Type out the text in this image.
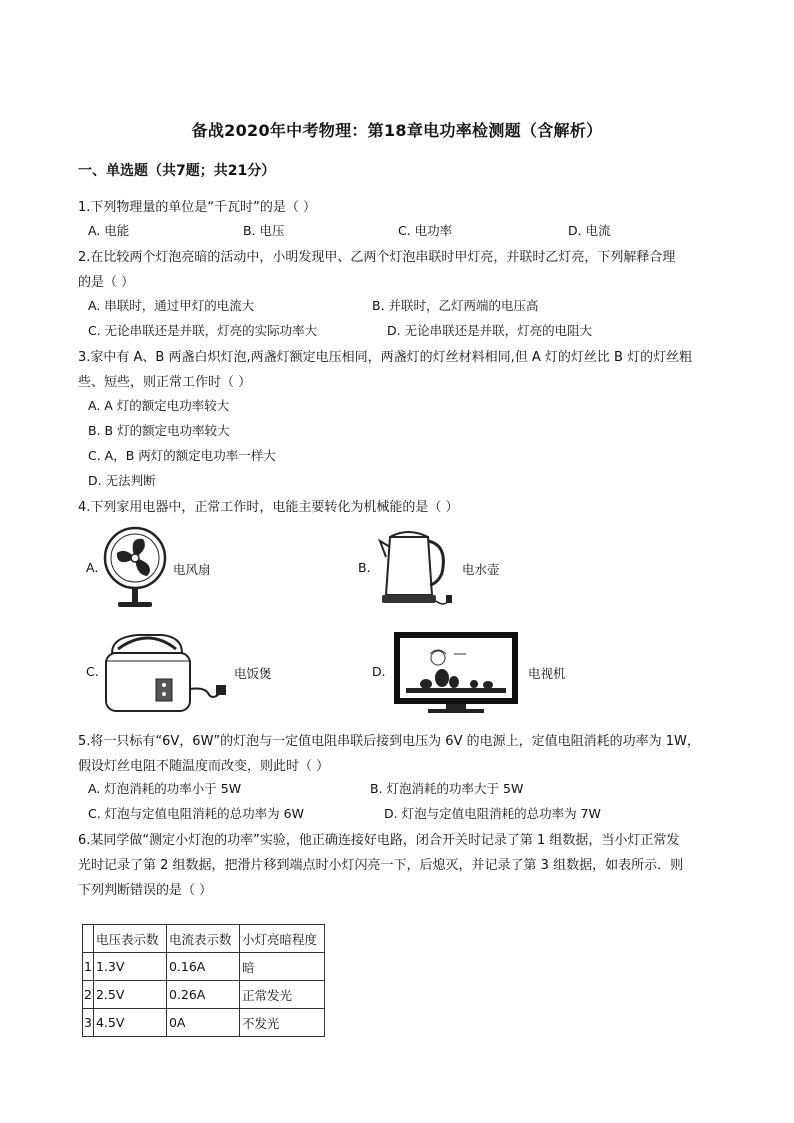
备战2020年中考物理：第18章电功率检测题（含解析）
一、单选题（共7题；共21分）
1.下列物理量的单位是“千瓦时”的是（ ）
A. 电能	B. 电压	C. 电功率	D. 电流
2.在比较两个灯泡亮暗的活动中，小明发现甲、乙两个灯泡串联时甲灯亮，并联时乙灯亮，下列解释合理
的是（ ）
A. 串联时，通过甲灯的电流大	B. 并联时，乙灯两端的电压高
C. 无论串联还是并联，灯亮的实际功率大	D. 无论串联还是并联，灯亮的电阻大
3.家中有 A、B 两盏白炽灯泡,两盏灯额定电压相同，两盏灯的灯丝材料相同,但 A 灯的灯丝比 B 灯的灯丝粗
些、短些，则正常工作时（ ）
A. A 灯的额定电功率较大
B. B 灯的额定电功率较大
C. A，B 两灯的额定电功率一样大
D. 无法判断
4.下列家用电器中，正常工作时，电能主要转化为机械能的是（ ）
A.	电风扇	B.	电水壶
C.	电饭煲	D.	电视机
5.将一只标有“6V，6W”的灯泡与一定值电阻串联后接到电压为 6V 的电源上，定值电阻消耗的功率为 1W，
假设灯丝电阻不随温度而改变，则此时（ ）
A. 灯泡消耗的功率小于 5W	B. 灯泡消耗的功率大于 5W
C. 灯泡与定值电阻消耗的总功率为 6W	D. 灯泡与定值电阻消耗的总功率为 7W
6.某同学做“测定小灯泡的功率”实验，他正确连接好电路，闭合开关时记录了第 1 组数据，当小灯正常发
光时记录了第 2 组数据，把滑片移到端点时小灯闪亮一下，后熄灭，并记录了第 3 组数据，如表所示．则
下列判断错误的是（ ）
	电压表示数	电流表示数	小灯亮暗程度
1	1.3V	0.16A	暗
2	2.5V	0.26A	正常发光
3	4.5V	0A	不发光
